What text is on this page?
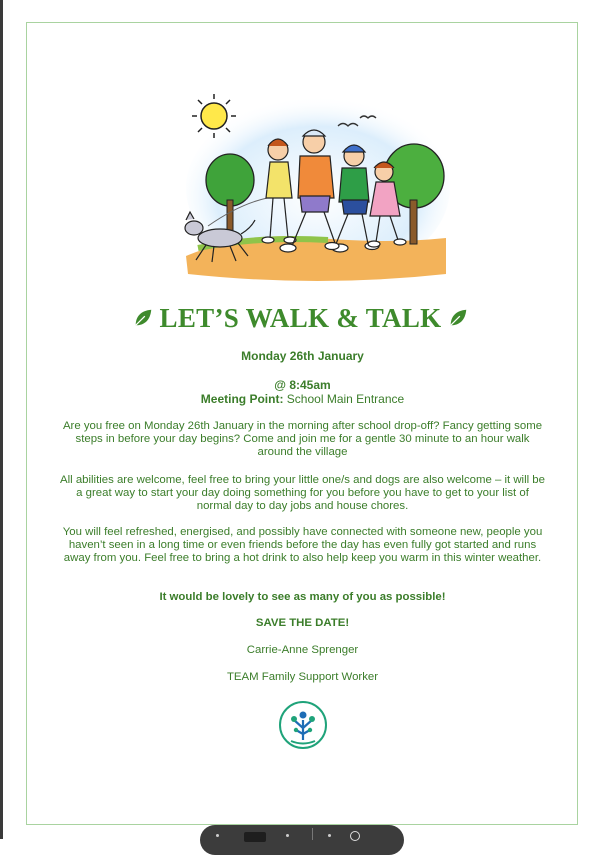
LET’S WALK & TALK
Monday 26th January
@ 8:45am
Meeting Point: School Main Entrance
Are you free on Monday 26th January in the morning after school drop-off? Fancy getting some steps in before your day begins? Come and join me for a gentle 30 minute to an hour walk around the village
All abilities are welcome, feel free to bring your little one/s and dogs are also welcome – it will be a great way to start your day doing something for you before you have to get to your list of normal day to day jobs and house chores.
You will feel refreshed, energised, and possibly have connected with someone new, people you haven’t seen in a long time or even friends before the day has even fully got started and runs away from you. Feel free to bring a hot drink to also help keep you warm in this winter weather.
It would be lovely to see as many of you as possible!
SAVE THE DATE!
Carrie-Anne Sprenger
TEAM Family Support Worker
